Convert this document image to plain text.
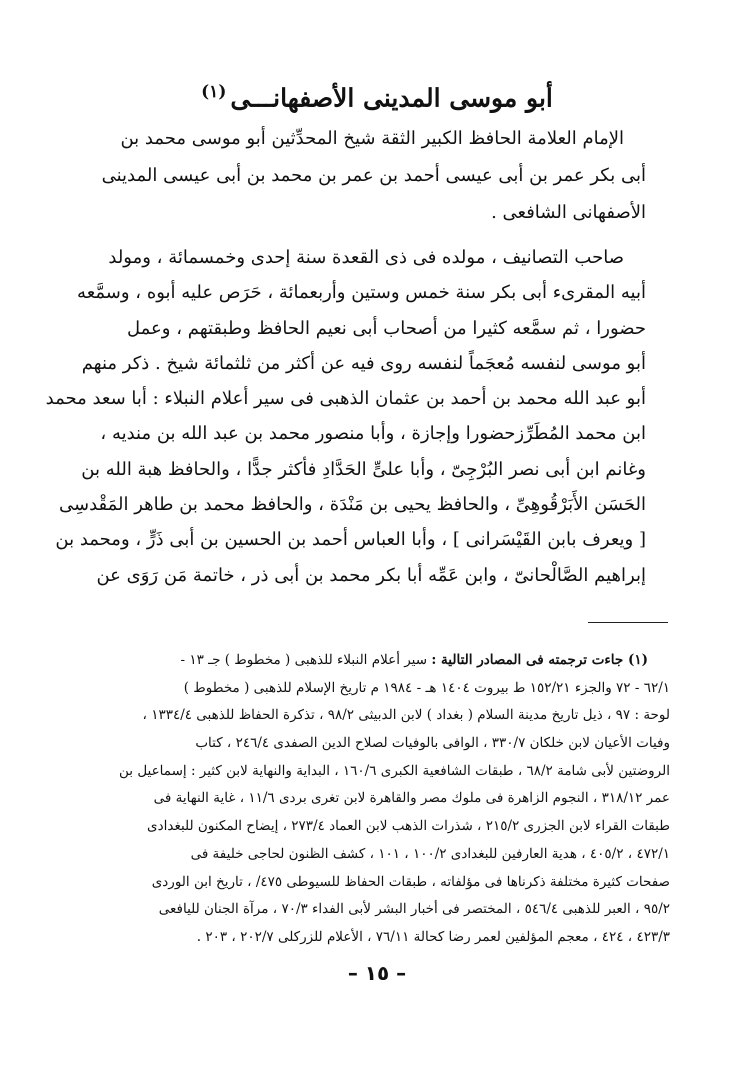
أبو موسى المدينى الأصفهانـــى$^{(١)}$
الإمام العلامة الحافظ الكبير الثقة شيخ المحدِّثين أبو موسى محمد بن
أبى بكر عمر بن أبى عيسى أحمد بن عمر بن محمد بن أبى عيسى المدينى
الأصفهانى الشافعى .
صاحب التصانيف ، مولده فى ذى القعدة سنة إحدى وخمسمائة ، ومولد
أبيه المقرىء أبى بكر سنة خمس وستين وأربعمائة ، حَرَص عليه أبوه ، وسمَّعه
حضورا ، ثم سمَّعه كثيرا من أصحاب أبى نعيم الحافظ وطبقتهم ، وعمل
أبو موسى لنفسه مُعجَماً لنفسه روى فيه عن أكثر من ثلثمائة شيخ . ذكر منهم
أبو عبد الله محمد بن أحمد بن عثمان الذهبى فى سير أعلام النبلاء : أبا سعد محمد
ابن محمد المُطَرِّزحضورا وإجازة ، وأبا منصور محمد بن عبد الله بن منديه ،
وغانم ابن أبى نصر البُرْجِىّ ، وأبا علىٍّ الحَدَّادِ فأكثر جدًّا ، والحافظ هبة الله بن
الحَسَن الأَبَرْقُوهِىِّ ، والحافظ يحيى بن مَنْدَة ، والحافظ محمد بن طاهر المَقْدسِى
[ ويعرف بابن القَيْسَرانى ] ، وأبا العباس أحمد بن الحسين بن أبى ذَرٍّ ، ومحمد بن
إبراهيم الصَّالْحانىّ ، وابن عَمِّه أبا بكر محمد بن أبى ذر ، خاتمة مَن رَوَى عن
(١) جاءت ترجمته فى المصادر التالية : سير أعلام النبلاء للذهبى ( مخطوط ) جـ ١٣ -
٦٢/١ - ٧٢ والجزء ١٥٢/٢١ ط بيروت ١٤٠٤ هـ - ١٩٨٤ م تاريخ الإسلام للذهبى ( مخطوط )
لوحة : ٩٧ ، ذيل تاريخ مدينة السلام ( بغداد ) لابن الدبيثى ٩٨/٢ ، تذكرة الحفاظ للذهبى ١٣٣٤/٤ ،
وفيات الأعيان لابن خلكان ٣٣٠/٧ ، الوافى بالوفيات لصلاح الدين الصفدى ٢٤٦/٤ ، كتاب
الروضتين لأبى شامة ٦٨/٢ ، طبقات الشافعية الكبرى ١٦٠/٦ ، البداية والنهاية لابن كثير : إسماعيل بن
عمر ٣١٨/١٢ ، النجوم الزاهرة فى ملوك مصر والقاهرة لابن تغرى بردى ١١/٦ ، غاية النهاية فى
طبقات القراء لابن الجزرى ٢١٥/٢ ، شذرات الذهب لابن العماد ٢٧٣/٤ ، إيضاح المكنون للبغدادى
٤٧٢/١ ، ٤٠٥/٢ ، هدية العارفين للبغدادى ١٠٠/٢ ، ١٠١ ، كشف الظنون لحاجى خليفة فى
صفحات كثيرة مختلفة ذكرناها فى مؤلفاته ، طبقات الحفاظ للسيوطى ٤٧٥/ ، تاريخ ابن الوردى
٩٥/٢ ، العبر للذهبى ٥٤٦/٤ ، المختصر فى أخبار البشر لأبى الفداء ٧٠/٣ ، مرآة الجنان لليافعى
٤٢٣/٣ ، ٤٢٤ ، معجم المؤلفين لعمر رضا كحالة ٧٦/١١ ، الأعلام للزركلى ٢٠٢/٧ ، ٢٠٣ .
– ١٥ –
